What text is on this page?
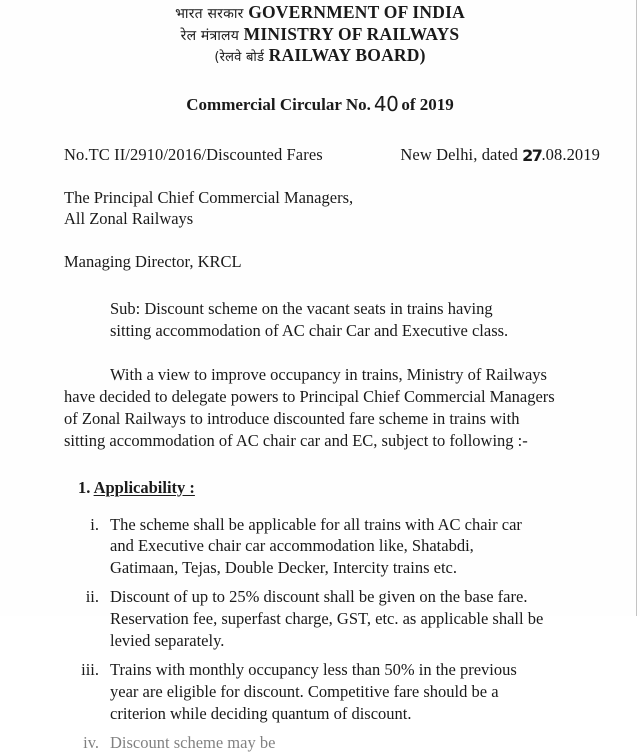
भारत सरकार GOVERNMENT OF INDIA
रेल मंत्रालय MINISTRY OF RAILWAYS
(रेलवे बोर्ड RAILWAY BOARD)
Commercial Circular No. 40 of 2019
No.TC II/2910/2016/Discounted Fares	New Delhi, dated 27.08.2019
The Principal Chief Commercial Managers,
All Zonal Railways
Managing Director, KRCL
Sub: Discount scheme on the vacant seats in trains having
sitting accommodation of AC chair Car and Executive class.
With a view to improve occupancy in trains, Ministry of Railways
have decided to delegate powers to Principal Chief Commercial Managers
of Zonal Railways to introduce discounted fare scheme in trains with
sitting accommodation of AC chair car and EC, subject to following :-
1. Applicability :
i. The scheme shall be applicable for all trains with AC chair car
and Executive chair car accommodation like, Shatabdi,
Gatimaan, Tejas, Double Decker, Intercity trains etc.
ii. Discount of up to 25% discount shall be given on the base fare.
Reservation fee, superfast charge, GST, etc. as applicable shall be
levied separately.
iii. Trains with monthly occupancy less than 50% in the previous
year are eligible for discount. Competitive fare should be a
criterion while deciding quantum of discount.
iv. Discount scheme may be
